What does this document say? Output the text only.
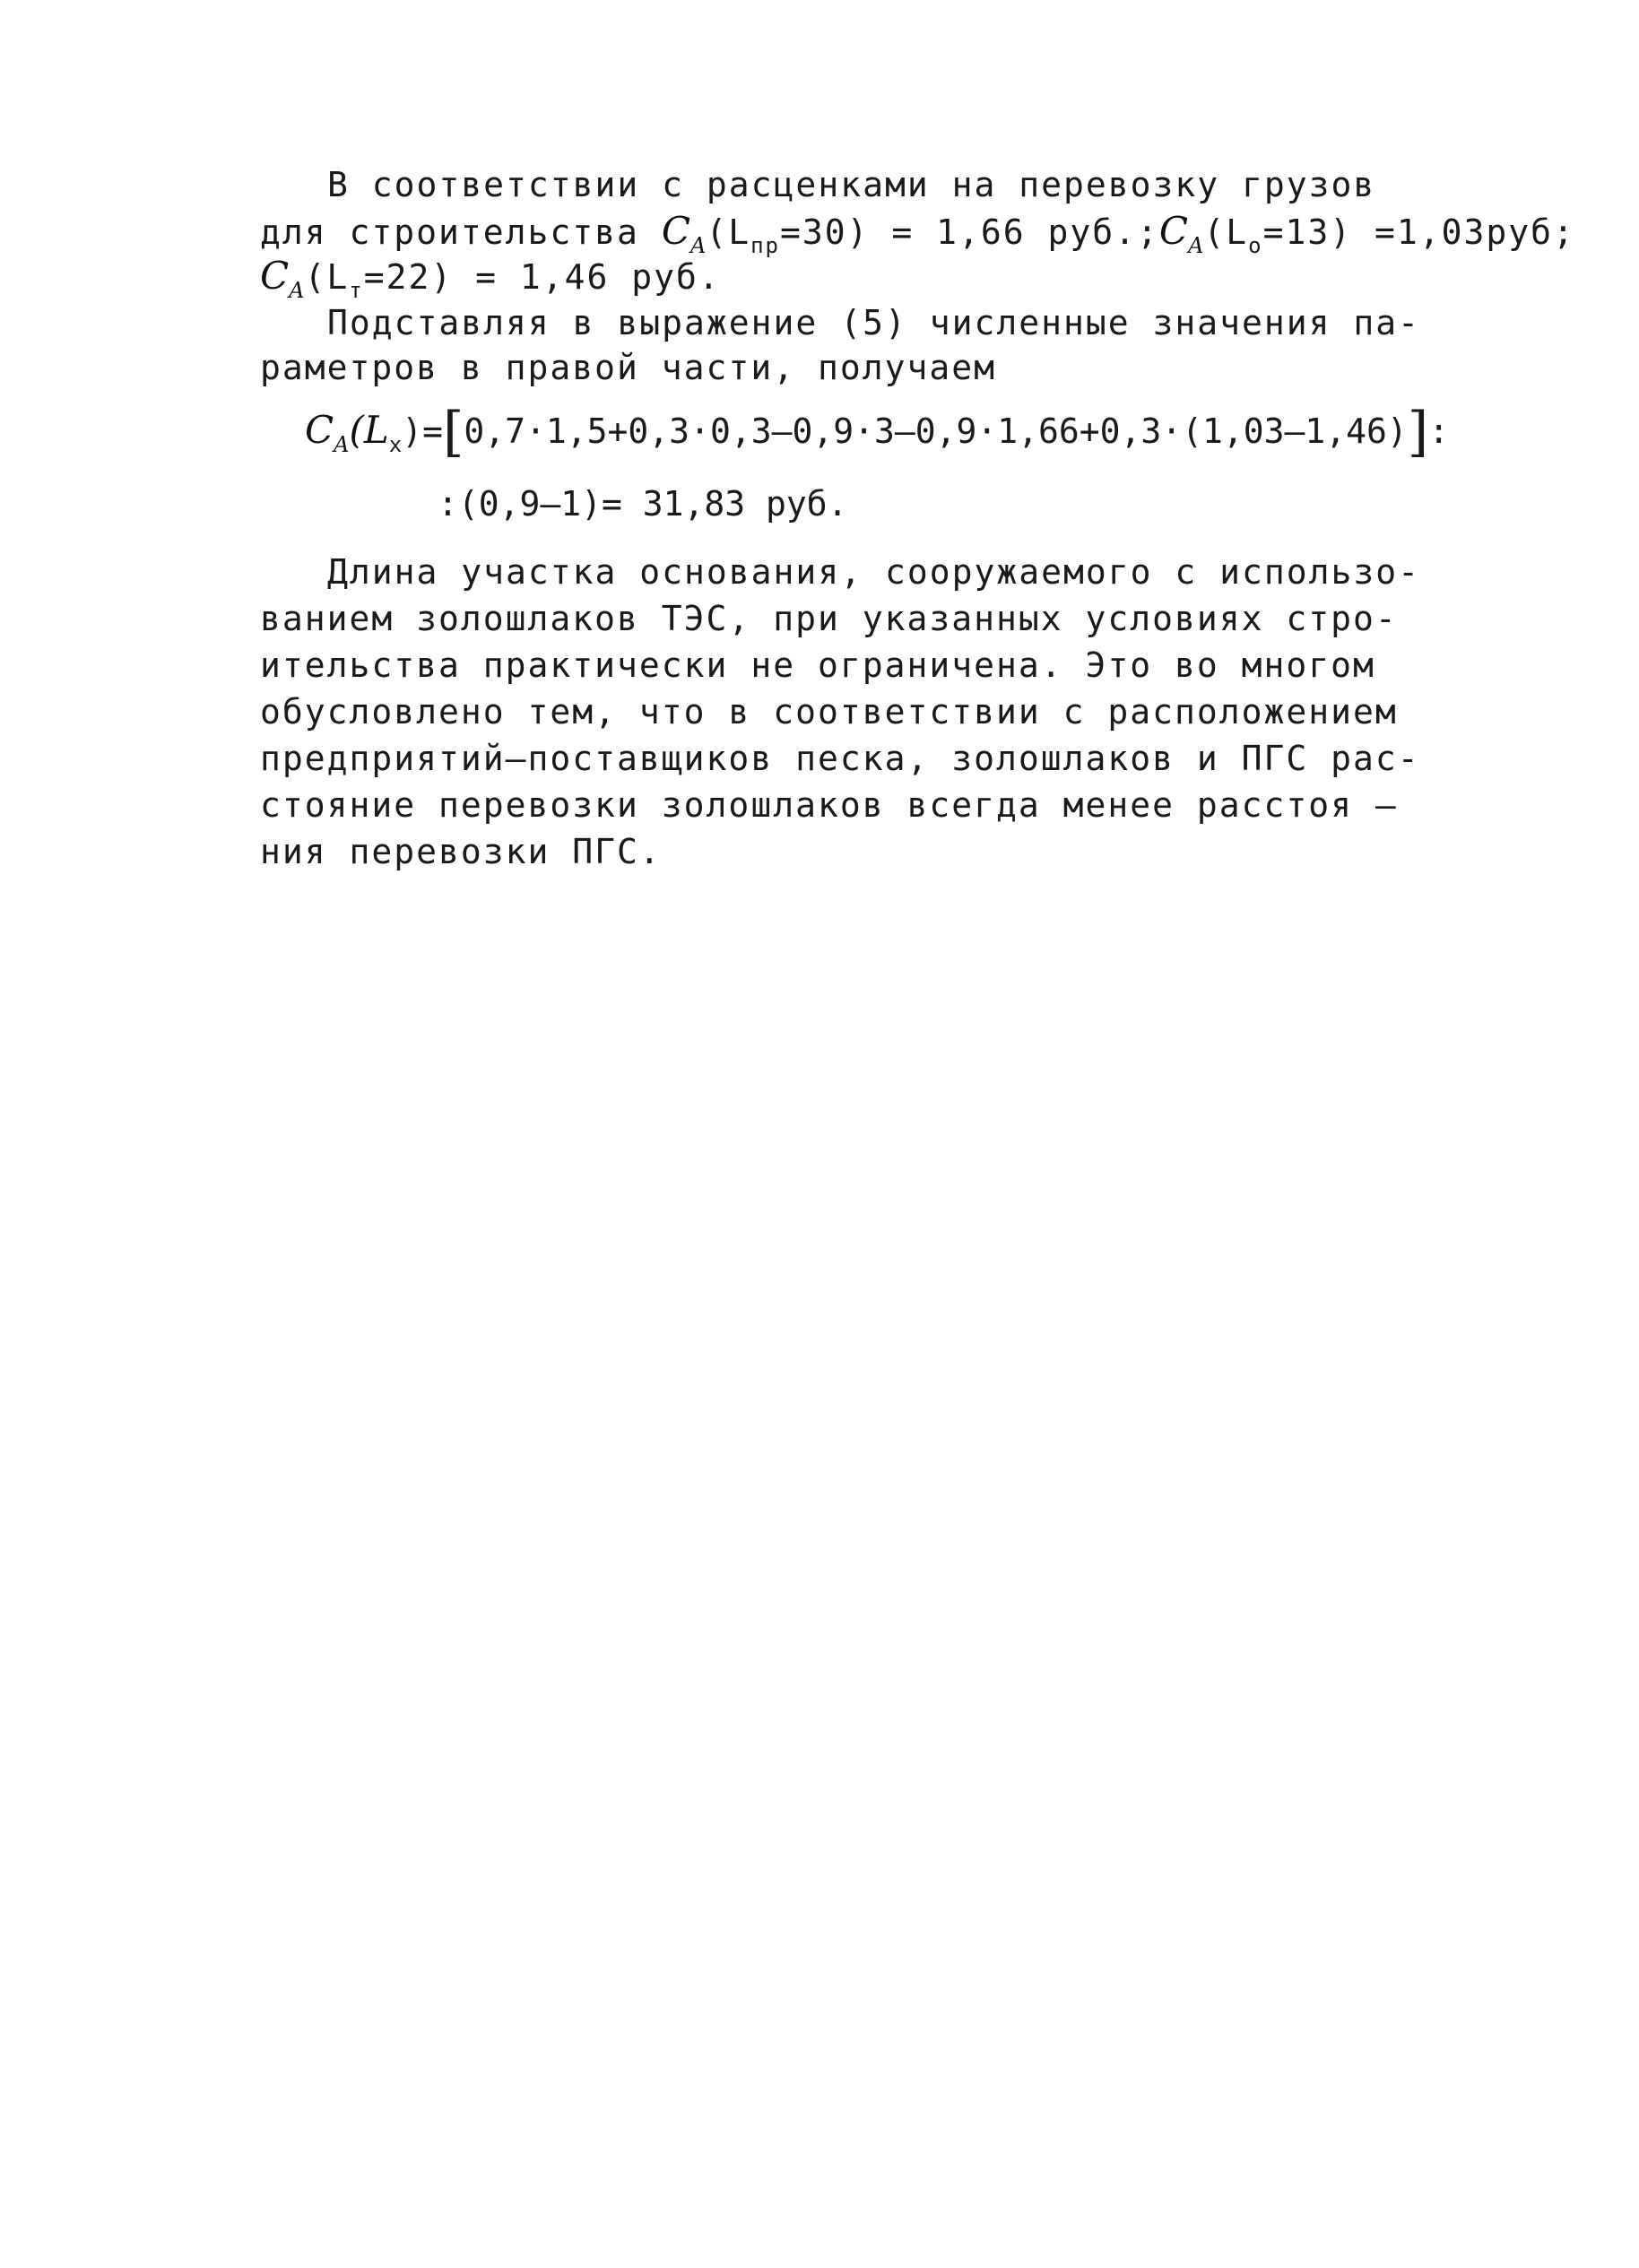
В соответствии с расценками на перевозку грузов
для строительства $C_A(L_{пр}=30) = 1,66$ $руб.;C_A(L_о=13) =1,03руб$;
$C_A(L_т=22) = 1,46$ руб.
Подставляя в выражение (5) численные значения па-
раметров в правой части, получаем
$C_A(L_x)=[0,7\cdot 1,5+0,3\cdot 0,3-0,9\cdot 3-0,9\cdot 1,66+0,3\cdot(1,03-1,46)]$:
:(0,9–1)= 31,83 руб.
Длина участка основания, сооружаемого с использо-
ванием золошлаков ТЭС, при указанных условиях стро-
ительства практически не ограничена. Это во многом
обусловлено тем, что в соответствии с расположением
предприятий–поставщиков песка, золошлаков и ПГС рас-
стояние перевозки золошлаков всегда менее расстоя –
ния перевозки ПГС.
